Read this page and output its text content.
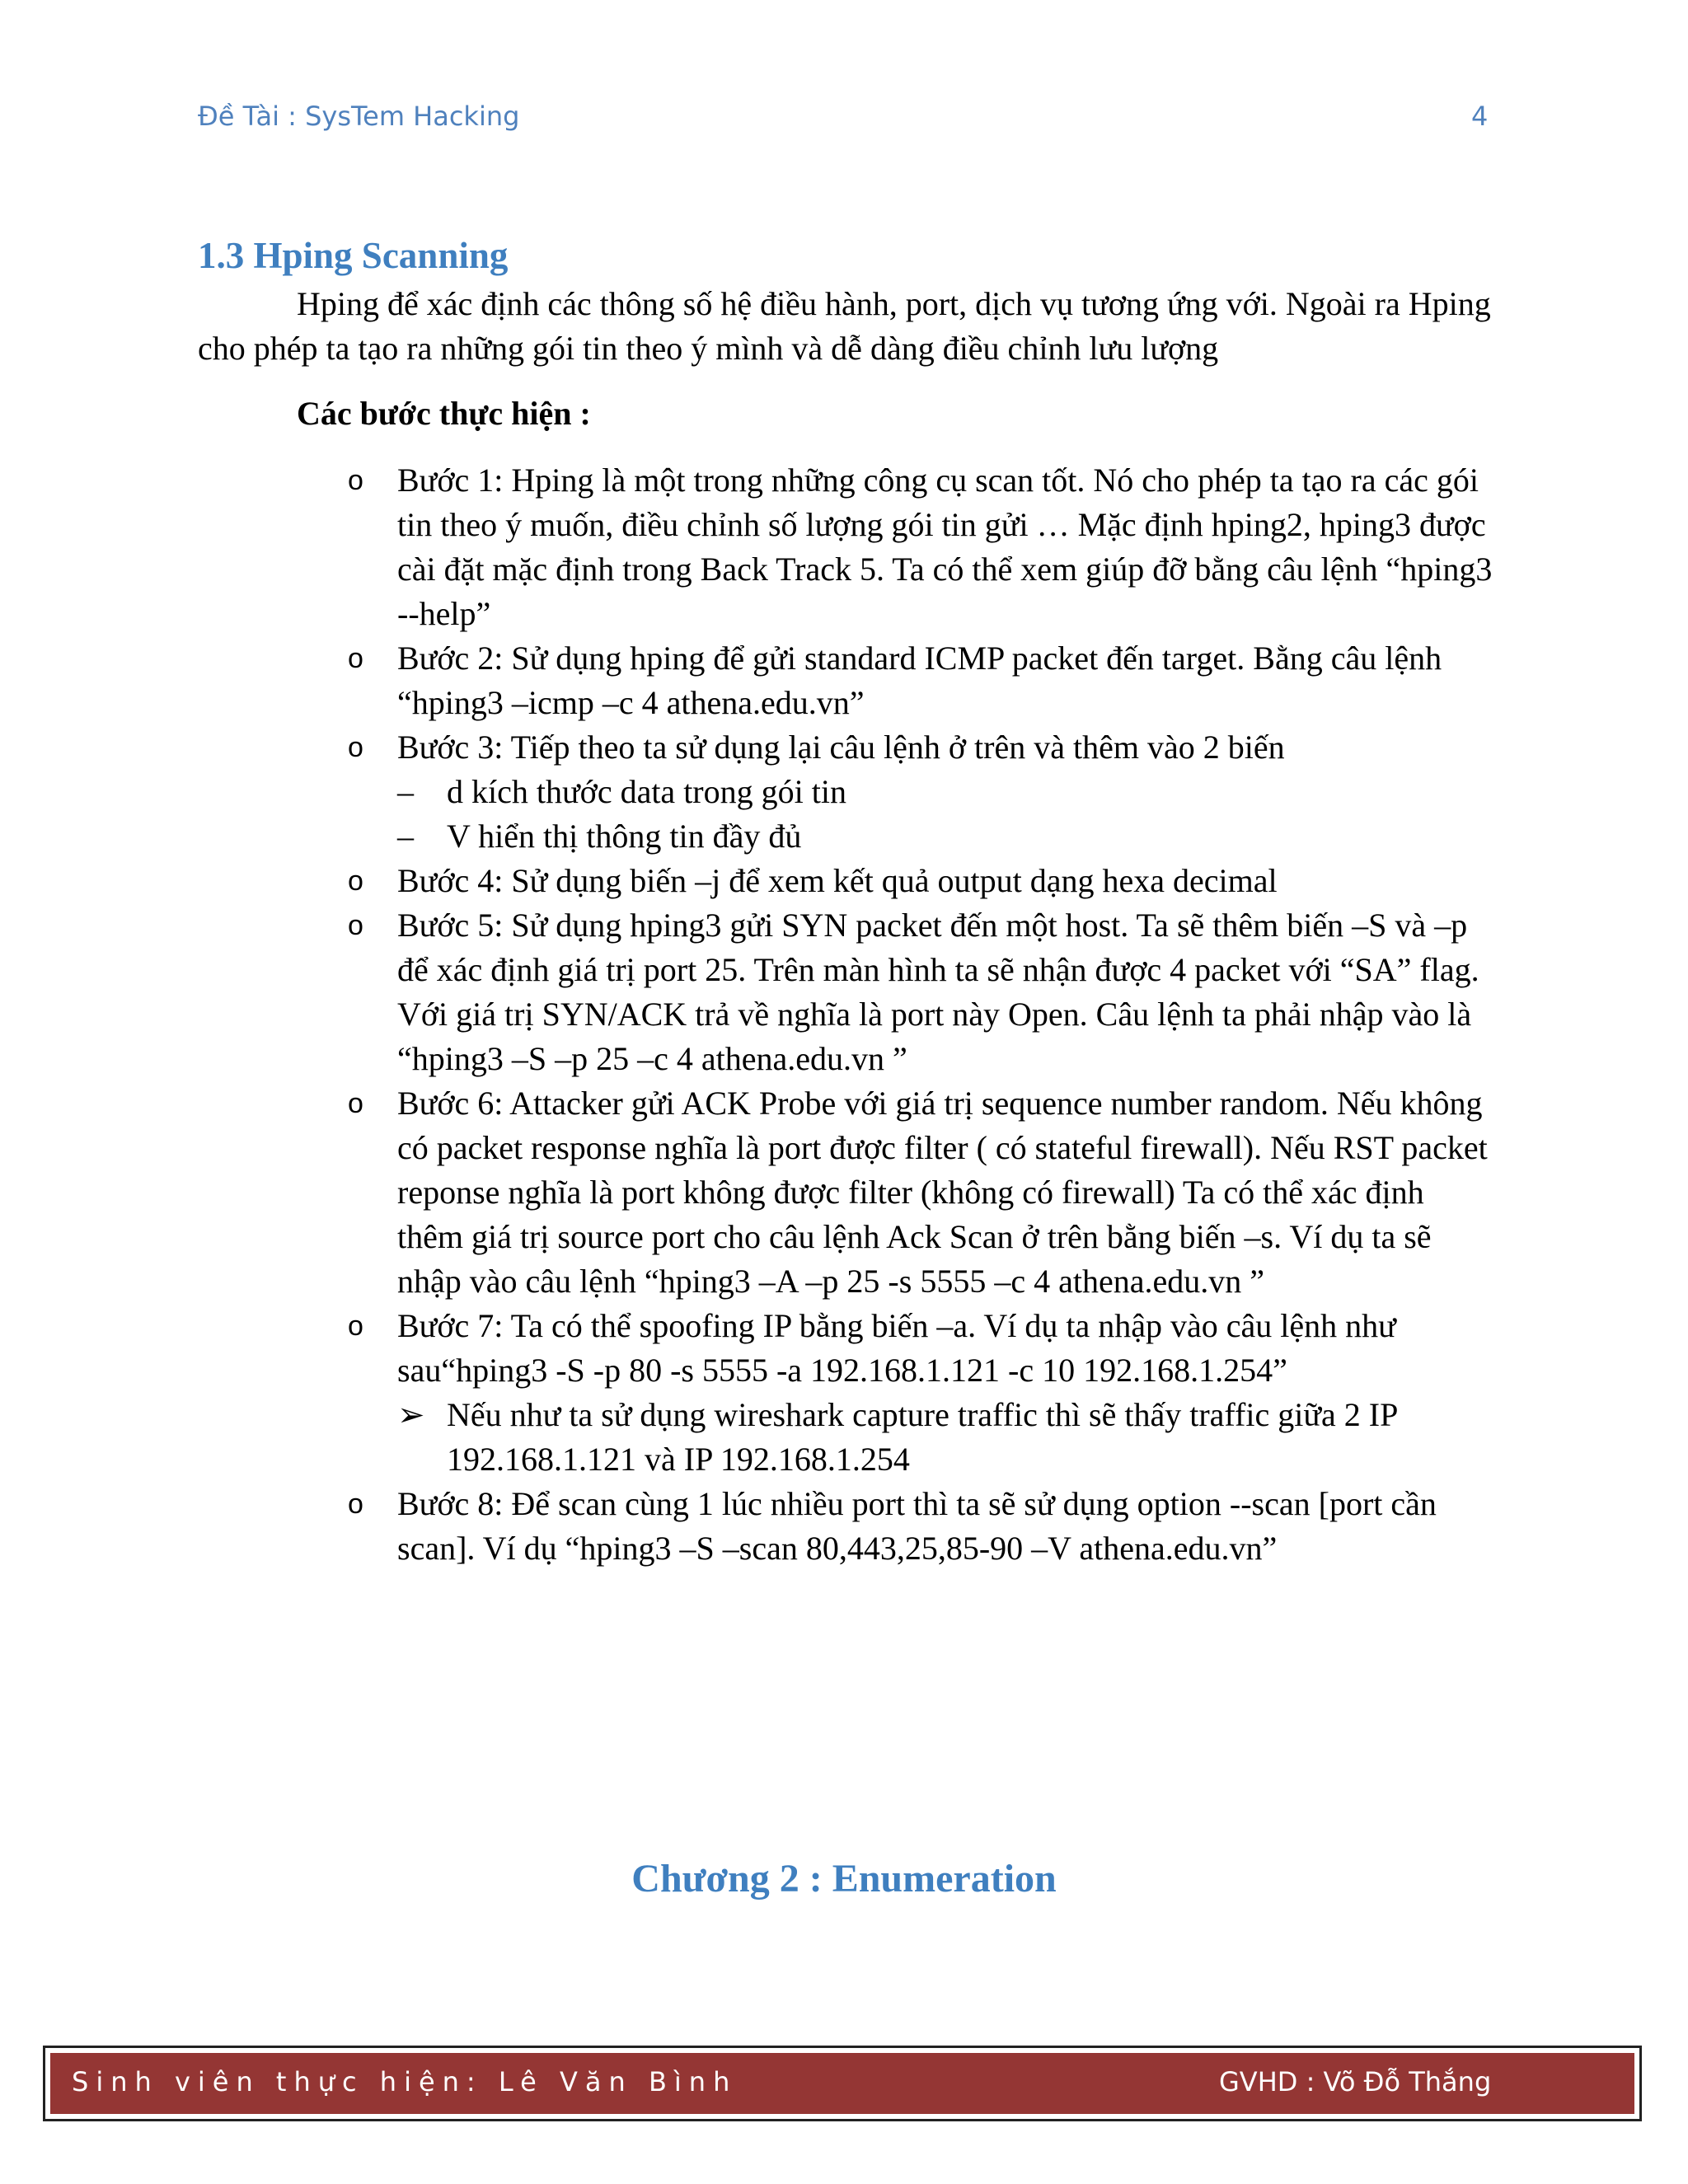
Đề Tài : SysTem Hacking	4
1.3 Hping Scanning
Hping để xác định các thông số hệ điều hành, port, dịch vụ tương ứng với. Ngoài ra Hping cho phép ta tạo ra những gói tin theo ý mình và dễ dàng điều chỉnh lưu lượng
Các bước thực hiện :
o Bước 1: Hping là một trong những công cụ scan tốt. Nó cho phép ta tạo ra các gói tin theo ý muốn, điều chỉnh số lượng gói tin gửi … Mặc định hping2, hping3 được cài đặt mặc định trong Back Track 5. Ta có thể xem giúp đỡ bằng câu lệnh “hping3 --help”
o Bước 2: Sử dụng hping để gửi standard ICMP packet đến target. Bằng câu lệnh “hping3 –icmp –c 4 athena.edu.vn”
o Bước 3: Tiếp theo ta sử dụng lại câu lệnh ở trên và thêm vào 2 biến
– d kích thước data trong gói tin
– V hiển thị thông tin đầy đủ
o Bước 4: Sử dụng biến –j để xem kết quả output dạng hexa decimal
o Bước 5: Sử dụng hping3 gửi SYN packet đến một host. Ta sẽ thêm biến –S và –p để xác định giá trị port 25. Trên màn hình ta sẽ nhận được 4 packet với “SA” flag. Với giá trị SYN/ACK trả về nghĩa là port này Open. Câu lệnh ta phải nhập vào là “hping3 –S –p 25 –c 4 athena.edu.vn ”
o Bước 6: Attacker gửi ACK Probe với giá trị sequence number random. Nếu không có packet response nghĩa là port được filter ( có stateful firewall). Nếu RST packet reponse nghĩa là port không được filter (không có firewall) Ta có thể xác định thêm giá trị source port cho câu lệnh Ack Scan ở trên bằng biến –s. Ví dụ ta sẽ nhập vào câu lệnh “hping3 –A –p 25 -s 5555 –c 4 athena.edu.vn ”
o Bước 7: Ta có thể spoofing IP bằng biến –a. Ví dụ ta nhập vào câu lệnh như sau“hping3 -S -p 80 -s 5555 -a 192.168.1.121 -c 10 192.168.1.254”
➢ Nếu như ta sử dụng wireshark capture traffic thì sẽ thấy traffic giữa 2 IP 192.168.1.121 và IP 192.168.1.254
o Bước 8: Để scan cùng 1 lúc nhiều port thì ta sẽ sử dụng option --scan [port cần scan]. Ví dụ “hping3 –S –scan 80,443,25,85-90 –V athena.edu.vn”
Chương 2 : Enumeration
Sinh viên thực hiện: Lê Văn Bình	GVHD : Võ Đỗ Thắng
